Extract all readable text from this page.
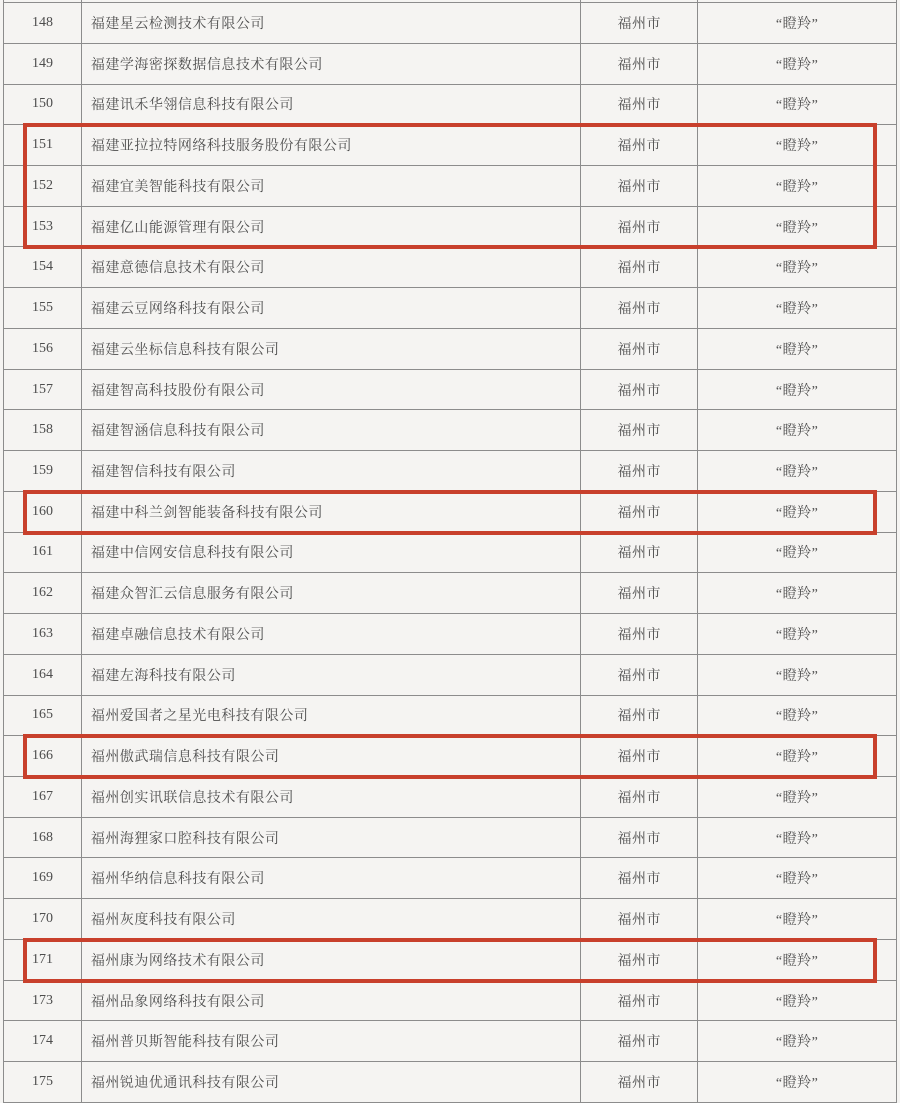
148	福建星云检测技术有限公司	福州市	“瞪羚”
149	福建学海密探数据信息技术有限公司	福州市	“瞪羚”
150	福建讯禾华翎信息科技有限公司	福州市	“瞪羚”
151	福建亚拉拉特网络科技服务股份有限公司	福州市	“瞪羚”
152	福建宜美智能科技有限公司	福州市	“瞪羚”
153	福建亿山能源管理有限公司	福州市	“瞪羚”
154	福建意德信息技术有限公司	福州市	“瞪羚”
155	福建云豆网络科技有限公司	福州市	“瞪羚”
156	福建云坐标信息科技有限公司	福州市	“瞪羚”
157	福建智高科技股份有限公司	福州市	“瞪羚”
158	福建智涵信息科技有限公司	福州市	“瞪羚”
159	福建智信科技有限公司	福州市	“瞪羚”
160	福建中科兰剑智能装备科技有限公司	福州市	“瞪羚”
161	福建中信网安信息科技有限公司	福州市	“瞪羚”
162	福建众智汇云信息服务有限公司	福州市	“瞪羚”
163	福建卓融信息技术有限公司	福州市	“瞪羚”
164	福建左海科技有限公司	福州市	“瞪羚”
165	福州爱国者之星光电科技有限公司	福州市	“瞪羚”
166	福州傲武瑞信息科技有限公司	福州市	“瞪羚”
167	福州创实讯联信息技术有限公司	福州市	“瞪羚”
168	福州海狸家口腔科技有限公司	福州市	“瞪羚”
169	福州华纳信息科技有限公司	福州市	“瞪羚”
170	福州灰度科技有限公司	福州市	“瞪羚”
171	福州康为网络技术有限公司	福州市	“瞪羚”
173	福州品象网络科技有限公司	福州市	“瞪羚”
174	福州普贝斯智能科技有限公司	福州市	“瞪羚”
175	福州锐迪优通讯科技有限公司	福州市	“瞪羚”
